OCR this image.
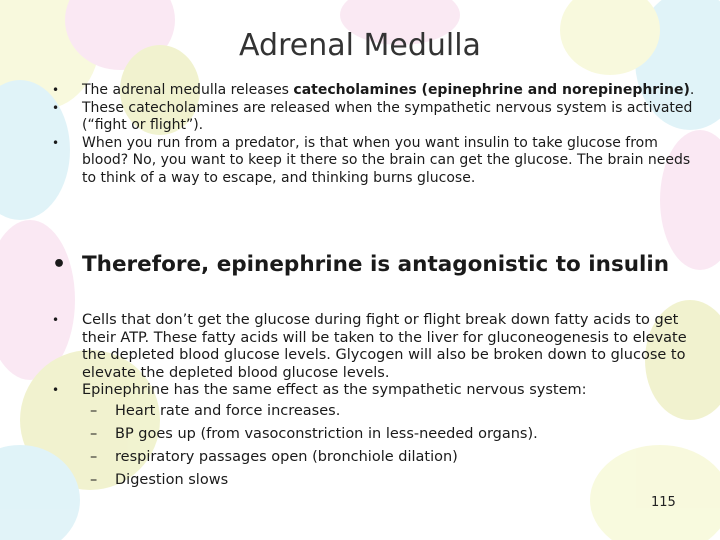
Adrenal Medulla
• The adrenal medulla releases catecholamines (epinephrine and norepinephrine).
• These catecholamines are released when the sympathetic nervous system is activated (“fight or flight”).
• When you run from a predator, is that when you want insulin to take glucose from blood? No, you want to keep it there so the brain can get the glucose. The brain needs to think of a way to escape, and thinking burns glucose.
• Therefore, epinephrine is antagonistic to insulin
• Cells that don’t get the glucose during fight or flight break down fatty acids to get their ATP. These fatty acids will be taken to the liver for gluconeogenesis to elevate the depleted blood glucose levels. Glycogen will also be broken down to glucose to elevate the depleted blood glucose levels.
• Epinephrine has the same effect as the sympathetic nervous system:
– Heart rate and force increases.
– BP goes up (from vasoconstriction in less-needed organs).
– respiratory passages open (bronchiole dilation)
– Digestion slows
115
